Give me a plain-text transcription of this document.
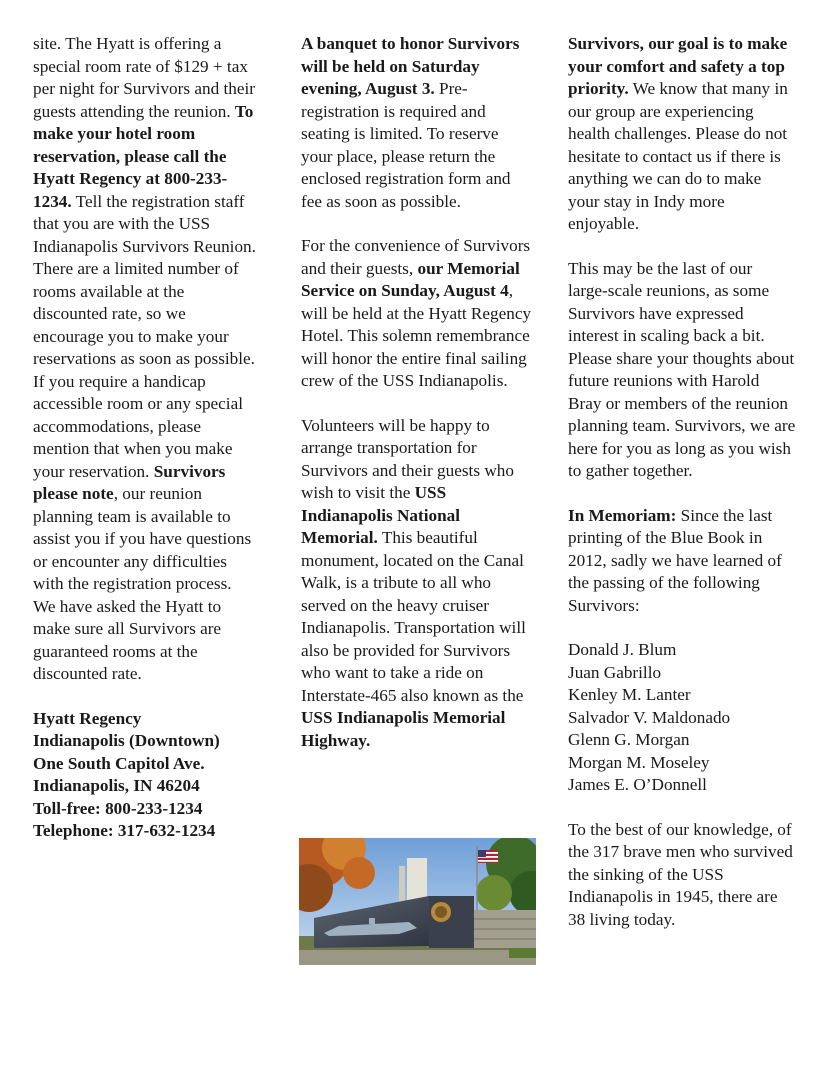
site. The Hyatt is offering a special room rate of $129 + tax per night for Survivors and their guests attending the reunion. To make your hotel room reservation, please call the Hyatt Regency at 800-233-1234. Tell the registration staff that you are with the USS Indianapolis Survivors Reunion. There are a limited number of rooms available at the discounted rate, so we encourage you to make your reservations as soon as possible. If you require a handicap accessible room or any special accommodations, please mention that when you make your reservation. Survivors please note, our reunion planning team is available to assist you if you have questions or encounter any difficulties with the registration process. We have asked the Hyatt to make sure all Survivors are guaranteed rooms at the discounted rate.

Hyatt Regency
Indianapolis (Downtown)
One South Capitol Ave.
Indianapolis, IN 46204
Toll-free: 800-233-1234
Telephone: 317-632-1234

A banquet to honor Survivors will be held on Saturday evening, August 3. Pre-registration is required and seating is limited. To reserve your place, please return the enclosed registration form and fee as soon as possible.

For the convenience of Survivors and their guests, our Memorial Service on Sunday, August 4, will be held at the Hyatt Regency Hotel. This solemn remembrance will honor the entire final sailing crew of the USS Indianapolis.

Volunteers will be happy to arrange transportation for Survivors and their guests who wish to visit the USS Indianapolis National Memorial. This beautiful monument, located on the Canal Walk, is a tribute to all who served on the heavy cruiser Indianapolis. Transportation will also be provided for Survivors who want to take a ride on Interstate-465 also known as the USS Indianapolis Memorial Highway.

Survivors, our goal is to make your comfort and safety a top priority. We know that many in our group are experiencing health challenges. Please do not hesitate to contact us if there is anything we can do to make your stay in Indy more enjoyable.

This may be the last of our large-scale reunions, as some Survivors have expressed interest in scaling back a bit. Please share your thoughts about future reunions with Harold Bray or members of the reunion planning team. Survivors, we are here for you as long as you wish to gather together.

In Memoriam: Since the last printing of the Blue Book in 2012, sadly we have learned of the passing of the following Survivors:

Donald J. Blum
Juan Gabrillo
Kenley M. Lanter
Salvador V. Maldonado
Glenn G. Morgan
Morgan M. Moseley
James E. O’Donnell

To the best of our knowledge, of the 317 brave men who survived the sinking of the USS Indianapolis in 1945, there are 38 living today.
